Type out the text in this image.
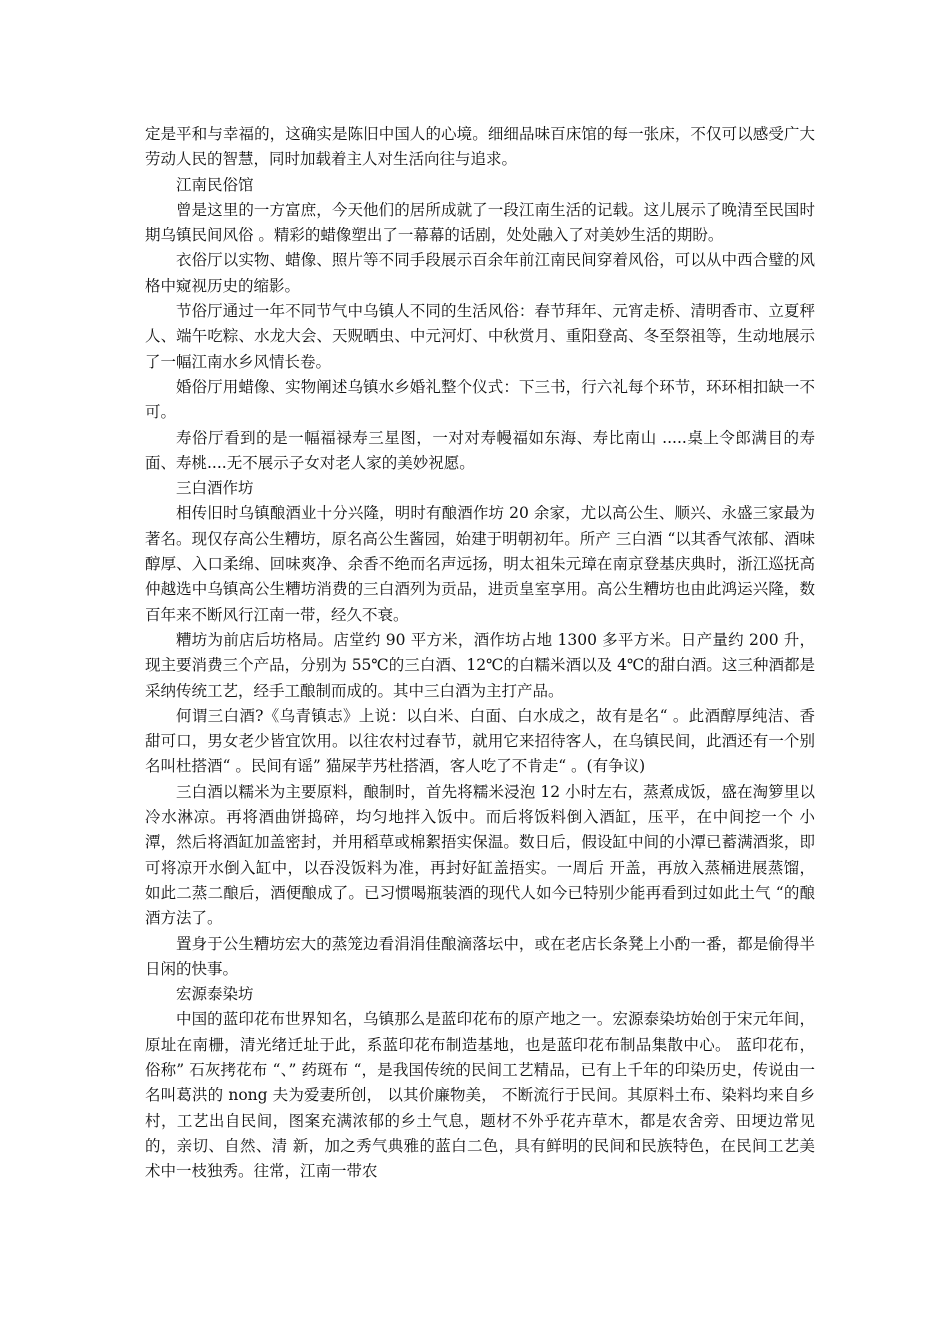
定是平和与幸福的，这确实是陈旧中国人的心境。细细品味百床馆的每一张床，不仅可以感受广大劳动人民的智慧，同时加载着主人对生活向往与追求。

江南民俗馆

曾是这里的一方富庶，今天他们的居所成就了一段江南生活的记载。这儿展示了晚清至民国时期乌镇民间风俗 。精彩的蜡像塑出了一幕幕的话剧，处处融入了对美妙生活的期盼。

衣俗厅以实物、蜡像、照片等不同手段展示百余年前江南民间穿着风俗，可以从中西合璧的风格中窥视历史的缩影。

节俗厅通过一年不同节气中乌镇人不同的生活风俗：春节拜年、元宵走桥、清明香市、立夏秤人、端午吃粽、水龙大会、天贶晒虫、中元河灯、中秋赏月、重阳登高、冬至祭祖等，生动地展示了一幅江南水乡风情长卷。

婚俗厅用蜡像、实物阐述乌镇水乡婚礼整个仪式：下三书，行六礼每个环节，环环相扣缺一不可。

寿俗厅看到的是一幅福禄寿三星图，一对对寿幔福如东海、寿比南山 .....桌上令郎满目的寿面、寿桃....无不展示子女对老人家的美妙祝愿。

三白酒作坊

相传旧时乌镇酿酒业十分兴隆，明时有酿酒作坊 20 余家，尤以高公生、顺兴、永盛三家最为著名。现仅存高公生糟坊，原名高公生酱园，始建于明朝初年。所产 三白酒 “以其香气浓郁、酒味醇厚、入口柔绵、回味爽净、余香不绝而名声远扬，明太祖朱元璋在南京登基庆典时，浙江巡抚高仲越选中乌镇高公生糟坊消费的三白酒列为贡品，进贡皇室享用。高公生糟坊也由此鸿运兴隆，数百年来不断风行江南一带，经久不衰。

糟坊为前店后坊格局。店堂约 90 平方米，酒作坊占地 1300 多平方米。日产量约 200 升，现主要消费三个产品，分别为 55℃的三白酒、12℃的白糯米酒以及 4℃的甜白酒。这三种酒都是采纳传统工艺，经手工酿制而成的。其中三白酒为主打产品。

何谓三白酒?《乌青镇志》上说：以白米、白面、白水成之，故有是名“ 。此酒醇厚纯洁、香甜可口，男女老少皆宜饮用。以往农村过春节，就用它来招待客人，在乌镇民间，此酒还有一个别名叫杜搭酒“ 。民间有谣” 猫屎芋艿杜搭酒，客人吃了不肯走“ 。(有争议)

三白酒以糯米为主要原料，酿制时，首先将糯米浸泡 12 小时左右，蒸煮成饭，盛在淘箩里以冷水淋凉。再将酒曲饼捣碎，均匀地拌入饭中。而后将饭料倒入酒缸，压平，在中间挖一个 小潭，然后将酒缸加盖密封，并用稻草或棉絮捂实保温。数日后，假设缸中间的小潭已蓄满酒浆，即可将凉开水倒入缸中，以吞没饭料为准，再封好缸盖捂实。一周后 开盖，再放入蒸桶进展蒸馏，如此二蒸二酿后，酒便酿成了。已习惯喝瓶装酒的现代人如今已特别少能再看到过如此土气 “的酿酒方法了。

置身于公生糟坊宏大的蒸笼边看涓涓佳酿滴落坛中，或在老店长条凳上小酌一番，都是偷得半日闲的快事。

宏源泰染坊

中国的蓝印花布世界知名，乌镇那么是蓝印花布的原产地之一。宏源泰染坊始创于宋元年间，原址在南栅，清光绪迁址于此，系蓝印花布制造基地，也是蓝印花布制品集散中心。 蓝印花布，俗称” 石灰拷花布 “、” 药斑布 “，是我国传统的民间工艺精品，已有上千年的印染历史，传说由一名叫葛洪的 nong 夫为爱妻所创， 以其价廉物美， 不断流行于民间。其原料土布、染料均来自乡村，工艺出自民间，图案充满浓郁的乡土气息，题材不外乎花卉草木，都是农舍旁、田埂边常见的，亲切、自然、清 新，加之秀气典雅的蓝白二色，具有鲜明的民间和民族特色，在民间工艺美术中一枝独秀。往常，江南一带农
